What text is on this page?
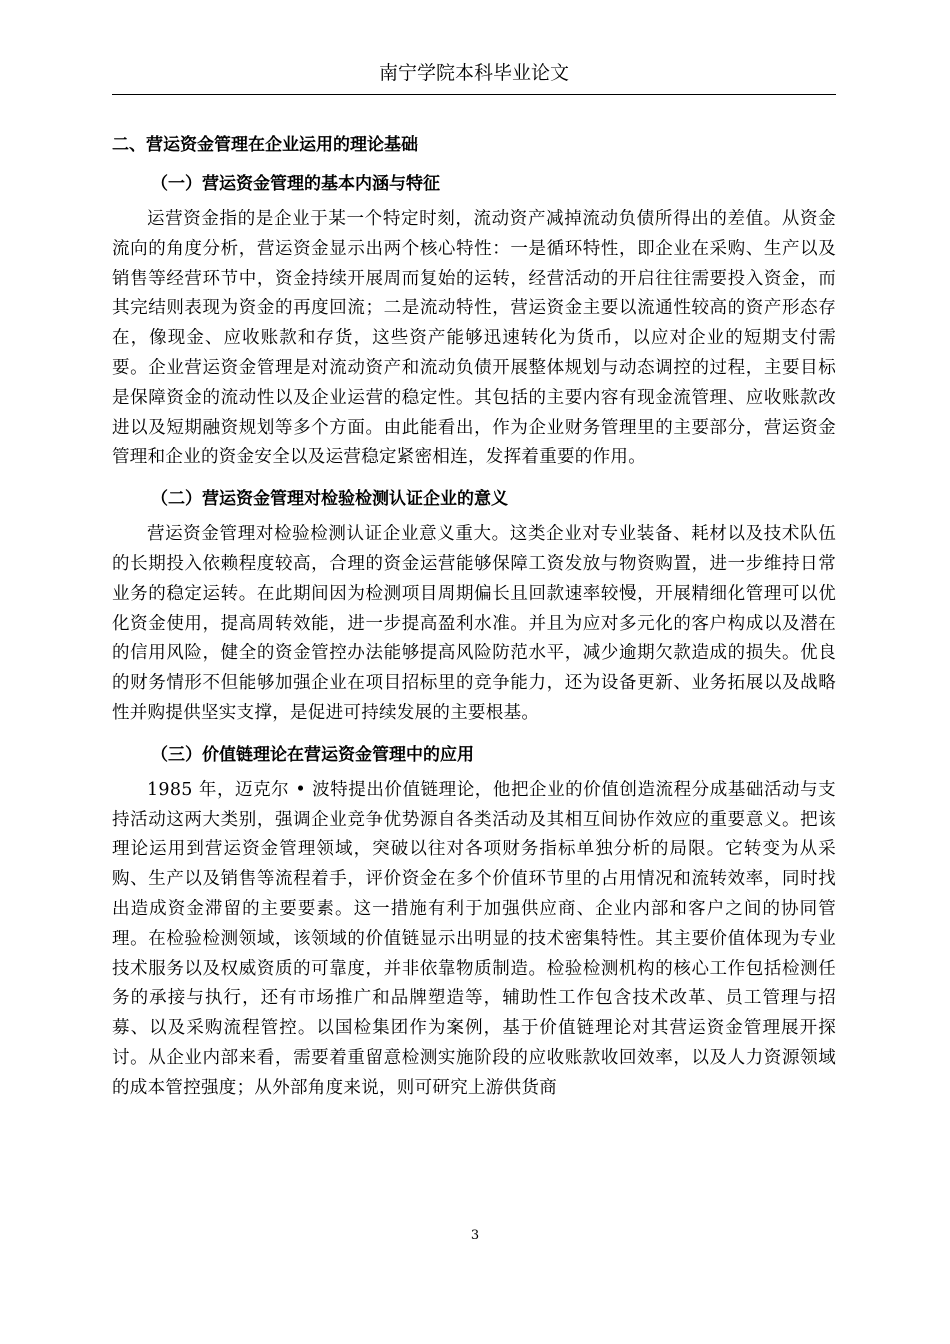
南宁学院本科毕业论文
二、营运资金管理在企业运用的理论基础
（一）营运资金管理的基本内涵与特征

运营资金指的是企业于某一个特定时刻，流动资产减掉流动负债所得出的差值。从资金流向的角度分析，营运资金显示出两个核心特性：一是循环特性，即企业在采购、生产以及销售等经营环节中，资金持续开展周而复始的运转，经营活动的开启往往需要投入资金，而其完结则表现为资金的再度回流；二是流动特性，营运资金主要以流通性较高的资产形态存在，像现金、应收账款和存货，这些资产能够迅速转化为货币，以应对企业的短期支付需要。企业营运资金管理是对流动资产和流动负债开展整体规划与动态调控的过程，主要目标是保障资金的流动性以及企业运营的稳定性。其包括的主要内容有现金流管理、应收账款改进以及短期融资规划等多个方面。由此能看出，作为企业财务管理里的主要部分，营运资金管理和企业的资金安全以及运营稳定紧密相连，发挥着重要的作用。

（二）营运资金管理对检验检测认证企业的意义

营运资金管理对检验检测认证企业意义重大。这类企业对专业装备、耗材以及技术队伍的长期投入依赖程度较高，合理的资金运营能够保障工资发放与物资购置，进一步维持日常业务的稳定运转。在此期间因为检测项目周期偏长且回款速率较慢，开展精细化管理可以优化资金使用，提高周转效能，进一步提高盈利水准。并且为应对多元化的客户构成以及潜在的信用风险，健全的资金管控办法能够提高风险防范水平，减少逾期欠款造成的损失。优良的财务情形不但能够加强企业在项目招标里的竞争能力，还为设备更新、业务拓展以及战略性并购提供坚实支撑，是促进可持续发展的主要根基。

（三）价值链理论在营运资金管理中的应用

1985 年，迈克尔 • 波特提出价值链理论，他把企业的价值创造流程分成基础活动与支持活动这两大类别，强调企业竞争优势源自各类活动及其相互间协作效应的重要意义。把该理论运用到营运资金管理领域，突破以往对各项财务指标单独分析的局限。它转变为从采购、生产以及销售等流程着手，评价资金在多个价值环节里的占用情况和流转效率，同时找出造成资金滞留的主要要素。这一措施有利于加强供应商、企业内部和客户之间的协同管理。在检验检测领域，该领域的价值链显示出明显的技术密集特性。其主要价值体现为专业技术服务以及权威资质的可靠度，并非依靠物质制造。检验检测机构的核心工作包括检测任务的承接与执行，还有市场推广和品牌塑造等，辅助性工作包含技术改革、员工管理与招募、以及采购流程管控。以国检集团作为案例，基于价值链理论对其营运资金管理展开探讨。从企业内部来看，需要着重留意检测实施阶段的应收账款收回效率，以及人力资源领域的成本管控强度；从外部角度来说，则可研究上游供货商

3
